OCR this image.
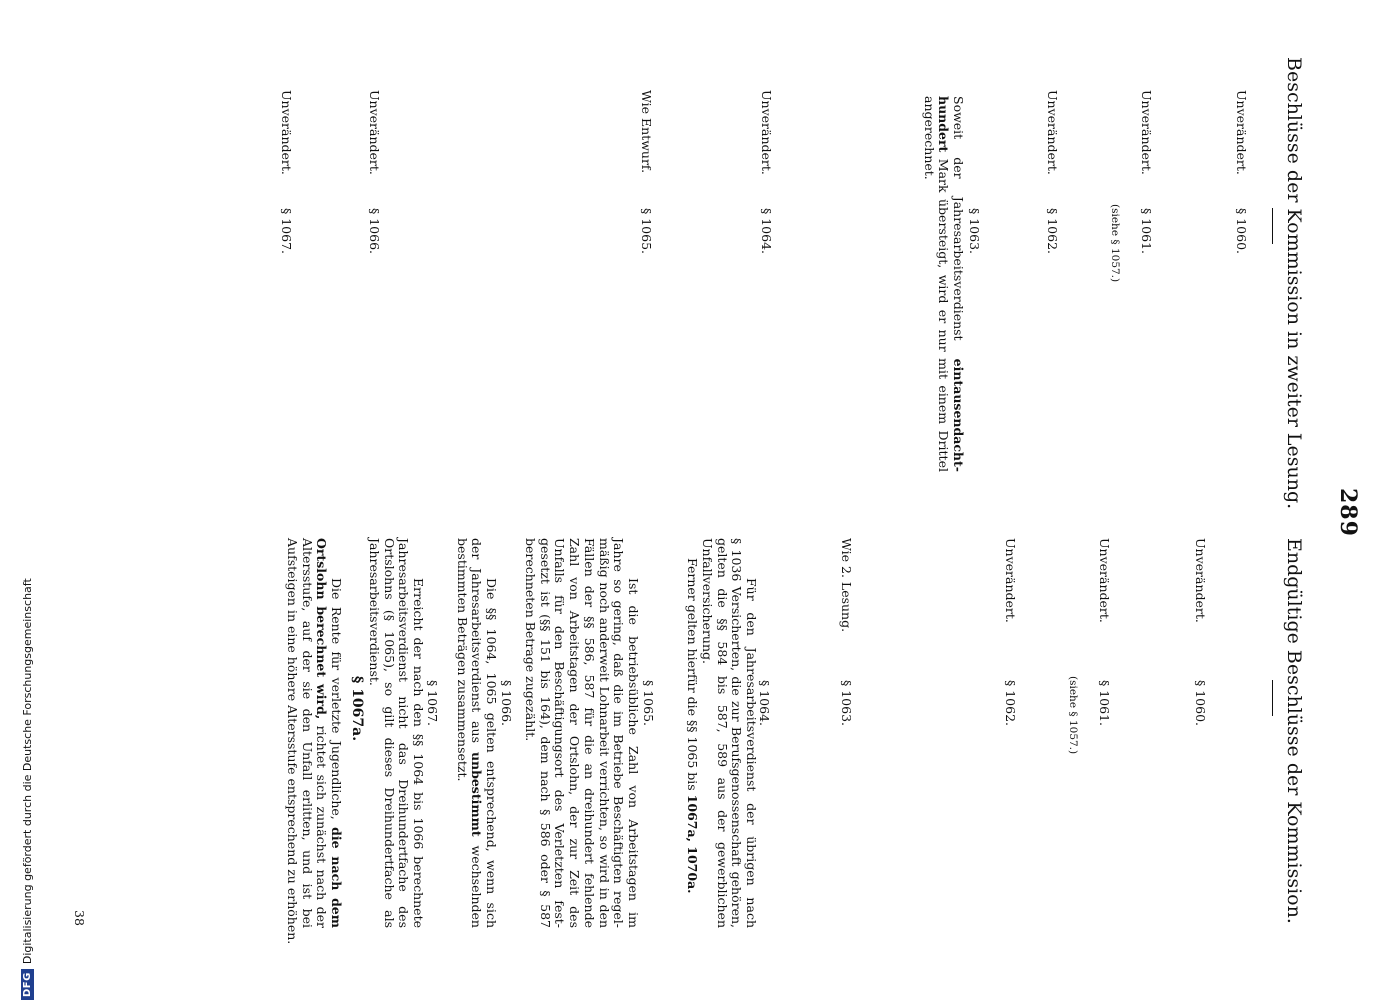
289
Beschlüsse der Kommission in zweiter Lesung.
Unverändert.
§ 1060.
Unverändert.
§ 1061.
(siehe § 1057.)
Unverändert.
§ 1062.
§ 1063.
Soweit der Jahresarbeitsverdienst eintausendacht-
hundert Mark übersteigt, wird er nur mit einem Drittel
angerechnet.
Unverändert.
§ 1064.
Wie Entwurf.
§ 1065.
Unverändert.
§ 1066.
Unverändert.
§ 1067.
Endgültige Beschlüsse der Kommission.
Unverändert.
§ 1060.
Unverändert.
§ 1061.
(siehe § 1057.)
Unverändert.
§ 1062.
Wie 2. Lesung.
§ 1063.
§ 1064.
Für den Jahresarbeitsverdienst der übrigen nach
§ 1036 Versicherten, die zur Berufsgenossenschaft gehören,
gelten die §§ 584 bis 587, 589 aus der gewerblichen
Unfallversicherung.
Ferner gelten hierfür die §§ 1065 bis 1067a, 1070a.
§ 1065.
Ist die betriebsübliche Zahl von Arbeitstagen im
Jahre so gering, daß die im Betriebe Beschäftigten regel-
mäßig noch anderweit Lohnarbeit verrichten, so wird in den
Fällen der §§ 586, 587 für die an dreihundert fehlende
Zahl von Arbeitstagen der Ortslohn, der zur Zeit des
Unfalls für den Beschäftigungsort des Verletzten fest-
gesetzt ist (§§ 151 bis 164), dem nach § 586 oder § 587
berechneten Betrage zugezählt.
§ 1066.
Die §§ 1064, 1065 gelten entsprechend, wenn sich
der Jahresarbeitsverdienst aus unbestimmt wechselnden
bestimmten Beträgen zusammensetzt.
§ 1067.
Erreicht der nach den §§ 1064 bis 1066 berechnete
Jahresarbeitsverdienst nicht das Dreihundertfache des
Ortslohns (§ 1065), so gilt dieses Dreihundertfache als
Jahresarbeitsverdienst.
§ 1067a.
Die Rente für verletzte Jugendliche, die nach dem
Ortslohn berechnet wird, richtet sich zunächst nach der
Altersstufe, auf der sie den Unfall erlitten, und ist bei
Aufsteigen in eine höhere Altersstufe entsprechend zu erhöhen.
38
DFG
Digitalisierung gefördert durch die Deutsche Forschungsgemeinschaft
